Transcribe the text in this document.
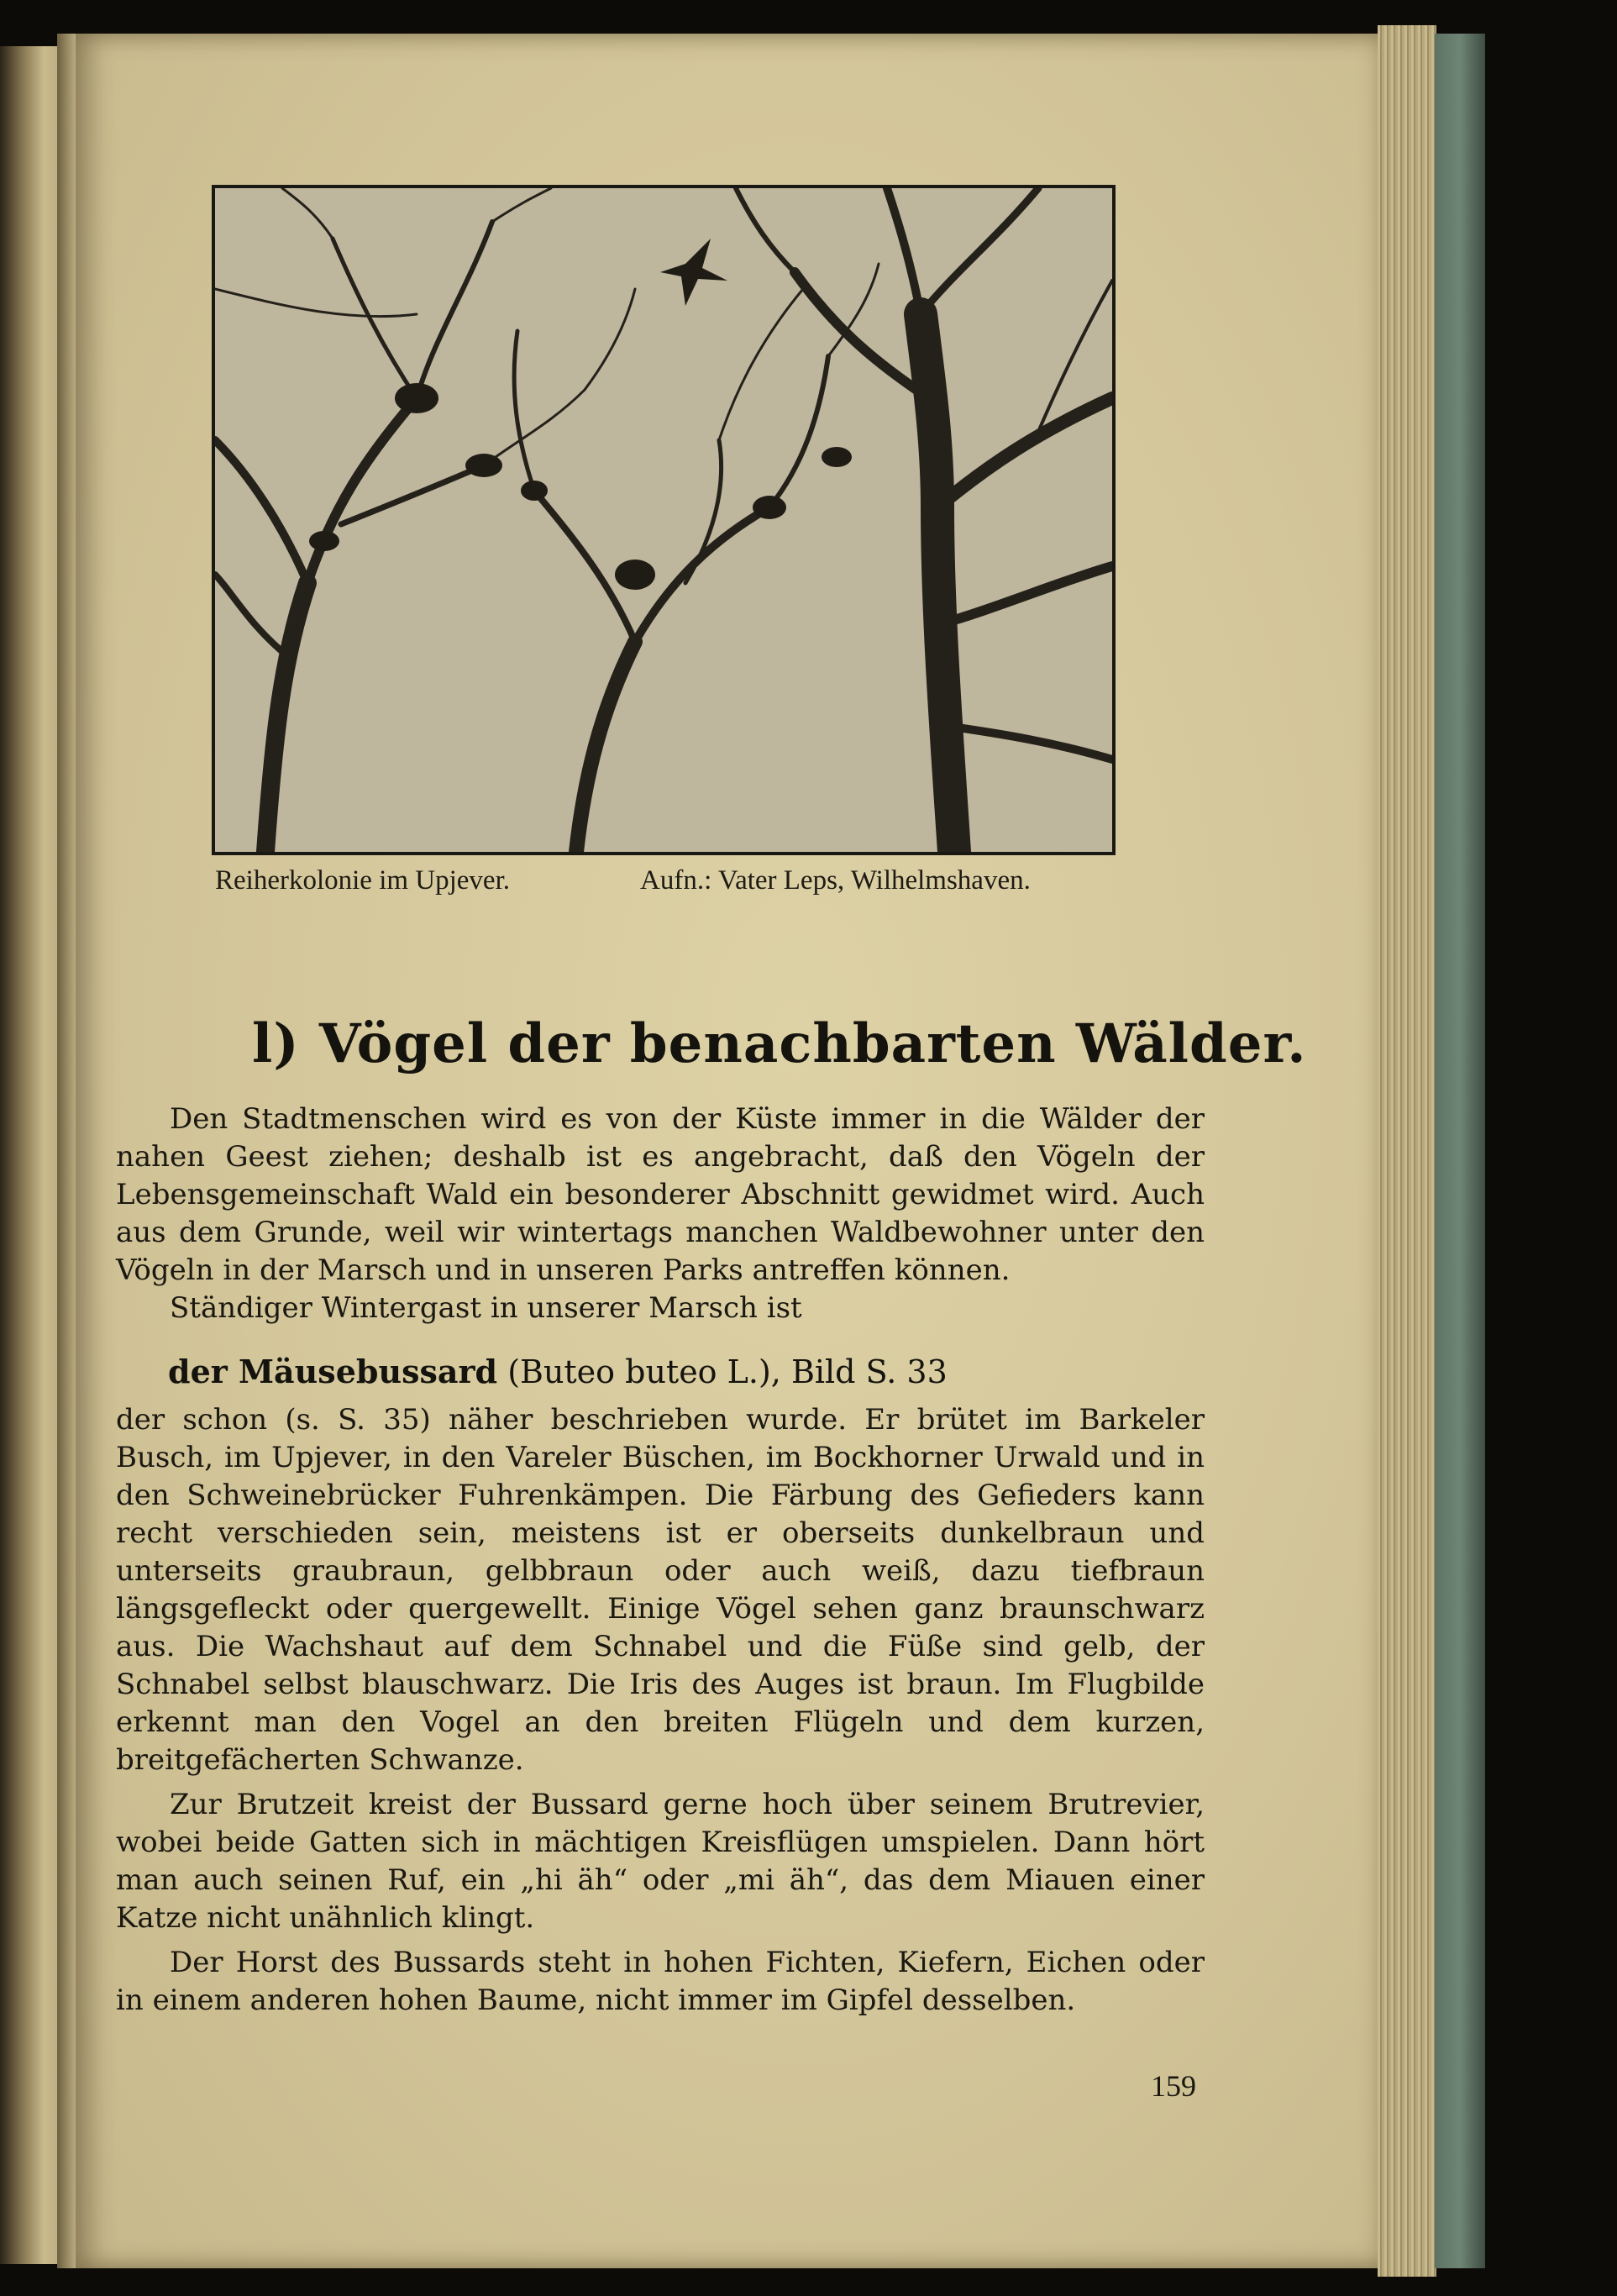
Reiherkolonie im Upjever.	Aufn.: Vater Leps, Wilhelmshaven.
l) Vögel der benachbarten Wälder.

Den Stadtmenschen wird es von der Küste immer in die Wälder der nahen Geest ziehen; deshalb ist es angebracht, daß den Vögeln der Lebensgemeinschaft Wald ein besonderer Abschnitt gewidmet wird. Auch aus dem Grunde, weil wir wintertags manchen Waldbewohner unter den Vögeln in der Marsch und in unseren Parks antreffen können.

Ständiger Wintergast in unserer Marsch ist

der Mäusebussard (Buteo buteo L.), Bild S. 33

der schon (s. S. 35) näher beschrieben wurde. Er brütet im Barkeler Busch, im Upjever, in den Vareler Büschen, im Bockhorner Urwald und in den Schweinebrücker Fuhrenkämpen. Die Färbung des Gefieders kann recht verschieden sein, meistens ist er oberseits dunkelbraun und unterseits graubraun, gelbbraun oder auch weiß, dazu tiefbraun längsgefleckt oder quergewellt. Einige Vögel sehen ganz braunschwarz aus. Die Wachshaut auf dem Schnabel und die Füße sind gelb, der Schnabel selbst blauschwarz. Die Iris des Auges ist braun. Im Flugbilde erkennt man den Vogel an den breiten Flügeln und dem kurzen, breitgefächerten Schwanze.

Zur Brutzeit kreist der Bussard gerne hoch über seinem Brutrevier, wobei beide Gatten sich in mächtigen Kreisflügen umspielen. Dann hört man auch seinen Ruf, ein „hi äh“ oder „mi äh“, das dem Miauen einer Katze nicht unähnlich klingt.

Der Horst des Bussards steht in hohen Fichten, Kiefern, Eichen oder in einem anderen hohen Baume, nicht immer im Gipfel desselben.

159
